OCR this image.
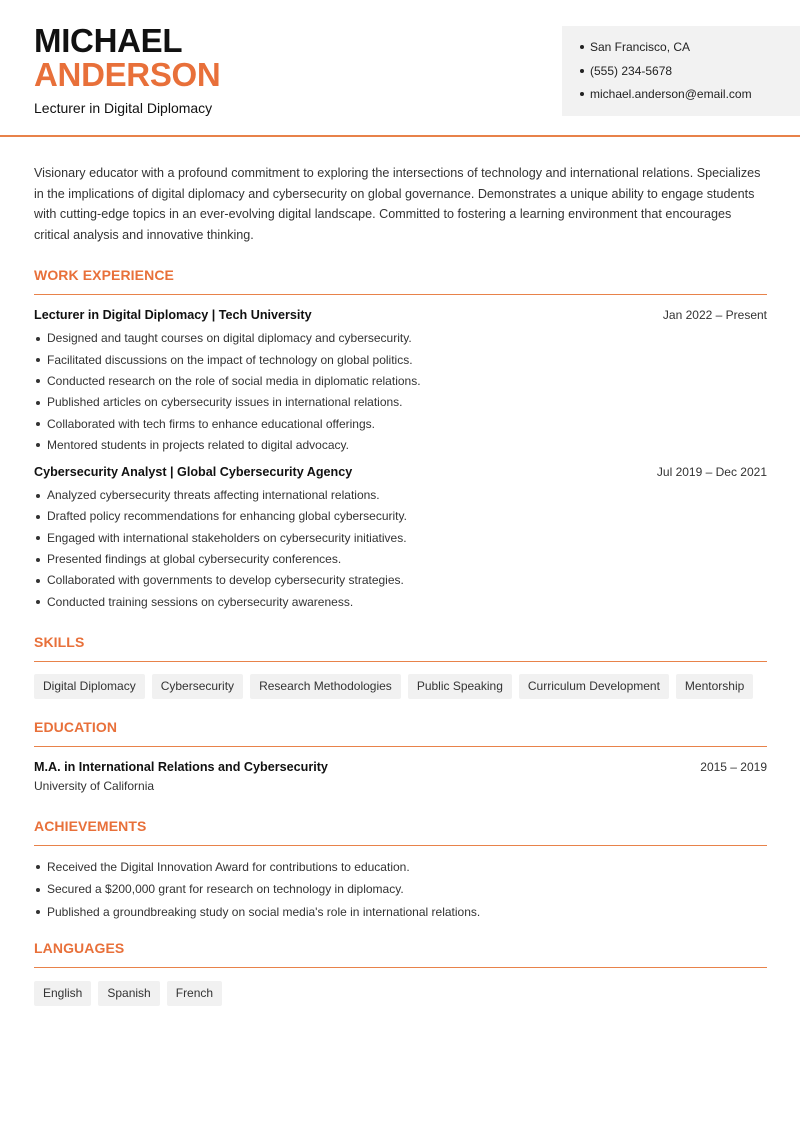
MICHAEL
ANDERSON
Lecturer in Digital Diplomacy
San Francisco, CA
(555) 234-5678
michael.anderson@email.com

Visionary educator with a profound commitment to exploring the intersections of technology and international relations. Specializes in the implications of digital diplomacy and cybersecurity on global governance. Demonstrates a unique ability to engage students with cutting-edge topics in an ever-evolving digital landscape. Committed to fostering a learning environment that encourages critical analysis and innovative thinking.

WORK EXPERIENCE
Lecturer in Digital Diplomacy | Tech University	Jan 2022 – Present
Designed and taught courses on digital diplomacy and cybersecurity.
Facilitated discussions on the impact of technology on global politics.
Conducted research on the role of social media in diplomatic relations.
Published articles on cybersecurity issues in international relations.
Collaborated with tech firms to enhance educational offerings.
Mentored students in projects related to digital advocacy.
Cybersecurity Analyst | Global Cybersecurity Agency	Jul 2019 – Dec 2021
Analyzed cybersecurity threats affecting international relations.
Drafted policy recommendations for enhancing global cybersecurity.
Engaged with international stakeholders on cybersecurity initiatives.
Presented findings at global cybersecurity conferences.
Collaborated with governments to develop cybersecurity strategies.
Conducted training sessions on cybersecurity awareness.
SKILLS
Digital Diplomacy	Cybersecurity	Research Methodologies	Public Speaking	Curriculum Development	Mentorship
EDUCATION
M.A. in International Relations and Cybersecurity	2015 – 2019
University of California
ACHIEVEMENTS
Received the Digital Innovation Award for contributions to education.
Secured a $200,000 grant for research on technology in diplomacy.
Published a groundbreaking study on social media's role in international relations.
LANGUAGES
English	Spanish	French
